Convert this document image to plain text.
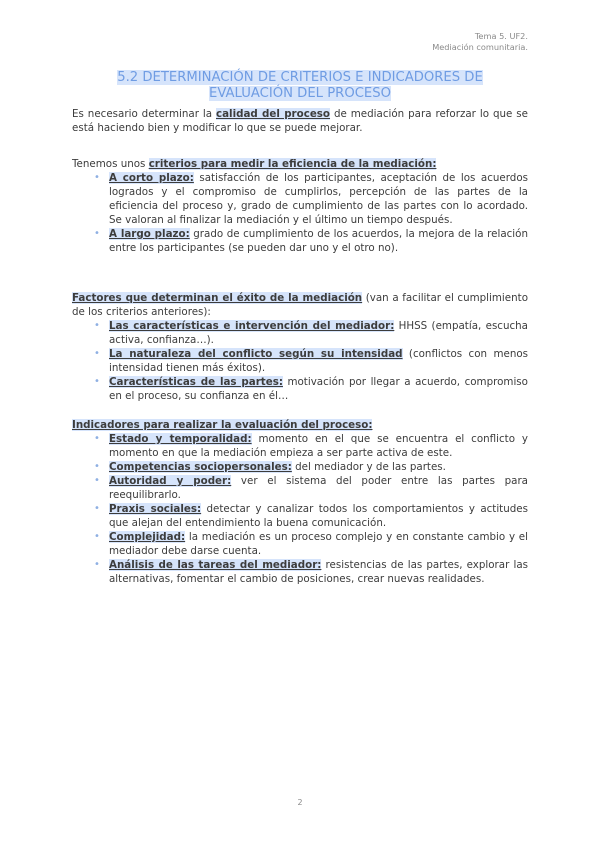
Tema 5. UF2.
Mediación comunitaria.
5.2 DETERMINACIÓN DE CRITERIOS E INDICADORES DE
EVALUACIÓN DEL PROCESO

Es necesario determinar la calidad del proceso de mediación para reforzar lo que se está haciendo bien y modificar lo que se puede mejorar.

Tenemos unos criterios para medir la eficiencia de la mediación:

• A corto plazo: satisfacción de los participantes, aceptación de los acuerdos logrados y el compromiso de cumplirlos, percepción de las partes de la eficiencia del proceso y, grado de cumplimiento de las partes con lo acordado. Se valoran al finalizar la mediación y el último un tiempo después.
• A largo plazo: grado de cumplimiento de los acuerdos, la mejora de la relación entre los participantes (se pueden dar uno y el otro no).

Factores que determinan el éxito de la mediación (van a facilitar el cumplimiento de los criterios anteriores):

• Las características e intervención del mediador: HHSS (empatía, escucha activa, confianza…).
• La naturaleza del conflicto según su intensidad (conflictos con menos intensidad tienen más éxitos).
• Características de las partes: motivación por llegar a acuerdo, compromiso en el proceso, su confianza en él…

Indicadores para realizar la evaluación del proceso:

• Estado y temporalidad: momento en el que se encuentra el conflicto y momento en que la mediación empieza a ser parte activa de este.
• Competencias sociopersonales: del mediador y de las partes.
• Autoridad y poder: ver el sistema del poder entre las partes para reequilibrarlo.
• Praxis sociales: detectar y canalizar todos los comportamientos y actitudes que alejan del entendimiento la buena comunicación.
• Complejidad: la mediación es un proceso complejo y en constante cambio y el mediador debe darse cuenta.
• Análisis de las tareas del mediador: resistencias de las partes, explorar las alternativas, fomentar el cambio de posiciones, crear nuevas realidades.
2
